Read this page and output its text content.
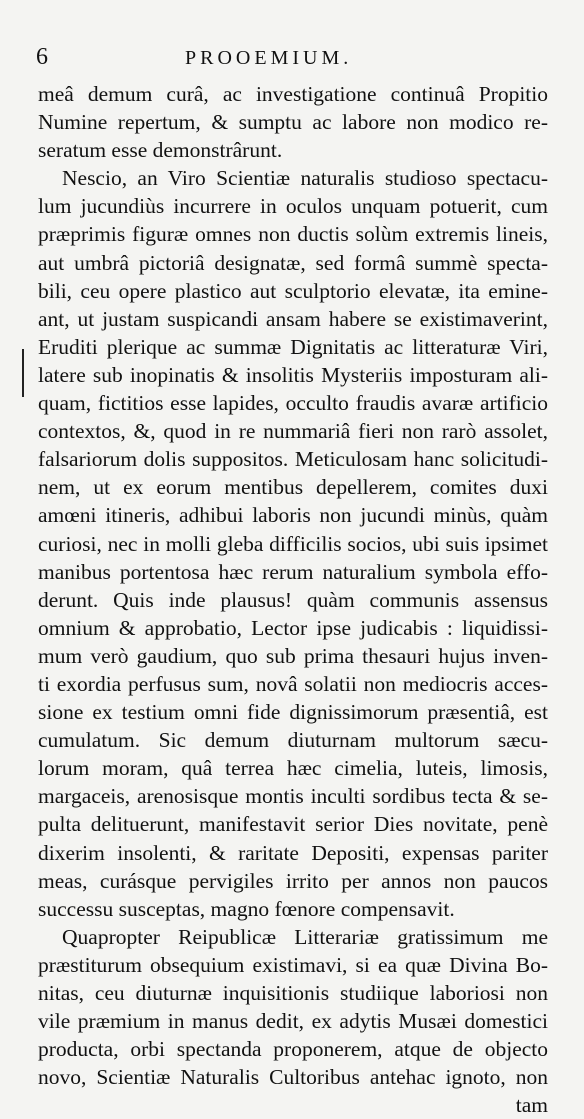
6	PROOEMIUM.
meâ demum curâ, ac investigatione continuâ Propitio
Numine repertum, & sumptu ac labore non modico re-
seratum esse demonstrârunt.
Nescio, an Viro Scientiæ naturalis studioso spectacu-
lum jucundiùs incurrere in oculos unquam potuerit, cum
præprimis figuræ omnes non ductis solùm extremis lineis,
aut umbrâ pictoriâ designatæ, sed formâ summè specta-
bili, ceu opere plastico aut sculptorio elevatæ, ita emine-
ant, ut justam suspicandi ansam habere se existimaverint,
Eruditi plerique ac summæ Dignitatis ac litteraturæ Viri,
latere sub inopinatis & insolitis Mysteriis imposturam ali-
quam, fictitios esse lapides, occulto fraudis avaræ artificio
contextos, &, quod in re nummariâ fieri non rarò assolet,
falsariorum dolis suppositos. Meticulosam hanc solicitudi-
nem, ut ex eorum mentibus depellerem, comites duxi
amœni itineris, adhibui laboris non jucundi minùs, quàm
curiosi, nec in molli gleba difficilis socios, ubi suis ipsimet
manibus portentosa hæc rerum naturalium symbola effo-
derunt. Quis inde plausus! quàm communis assensus
omnium & approbatio, Lector ipse judicabis : liquidissi-
mum verò gaudium, quo sub prima thesauri hujus inven-
ti exordia perfusus sum, novâ solatii non mediocris acces-
sione ex testium omni fide dignissimorum præsentiâ, est
cumulatum. Sic demum diuturnam multorum sæcu-
lorum moram, quâ terrea hæc cimelia, luteis, limosis,
margaceis, arenosisque montis inculti sordibus tecta & se-
pulta delituerunt, manifestavit serior Dies novitate, penè
dixerim insolenti, & raritate Depositi, expensas pariter
meas, curásque pervigiles irrito per annos non paucos
successu susceptas, magno fœnore compensavit.
Quapropter Reipublicæ Litterariæ gratissimum me
præstiturum obsequium existimavi, si ea quæ Divina Bo-
nitas, ceu diuturnæ inquisitionis studiique laboriosi non
vile præmium in manus dedit, ex adytis Musæi domestici
producta, orbi spectanda proponerem, atque de objecto
novo, Scientiæ Naturalis Cultoribus antehac ignoto, non
tam
